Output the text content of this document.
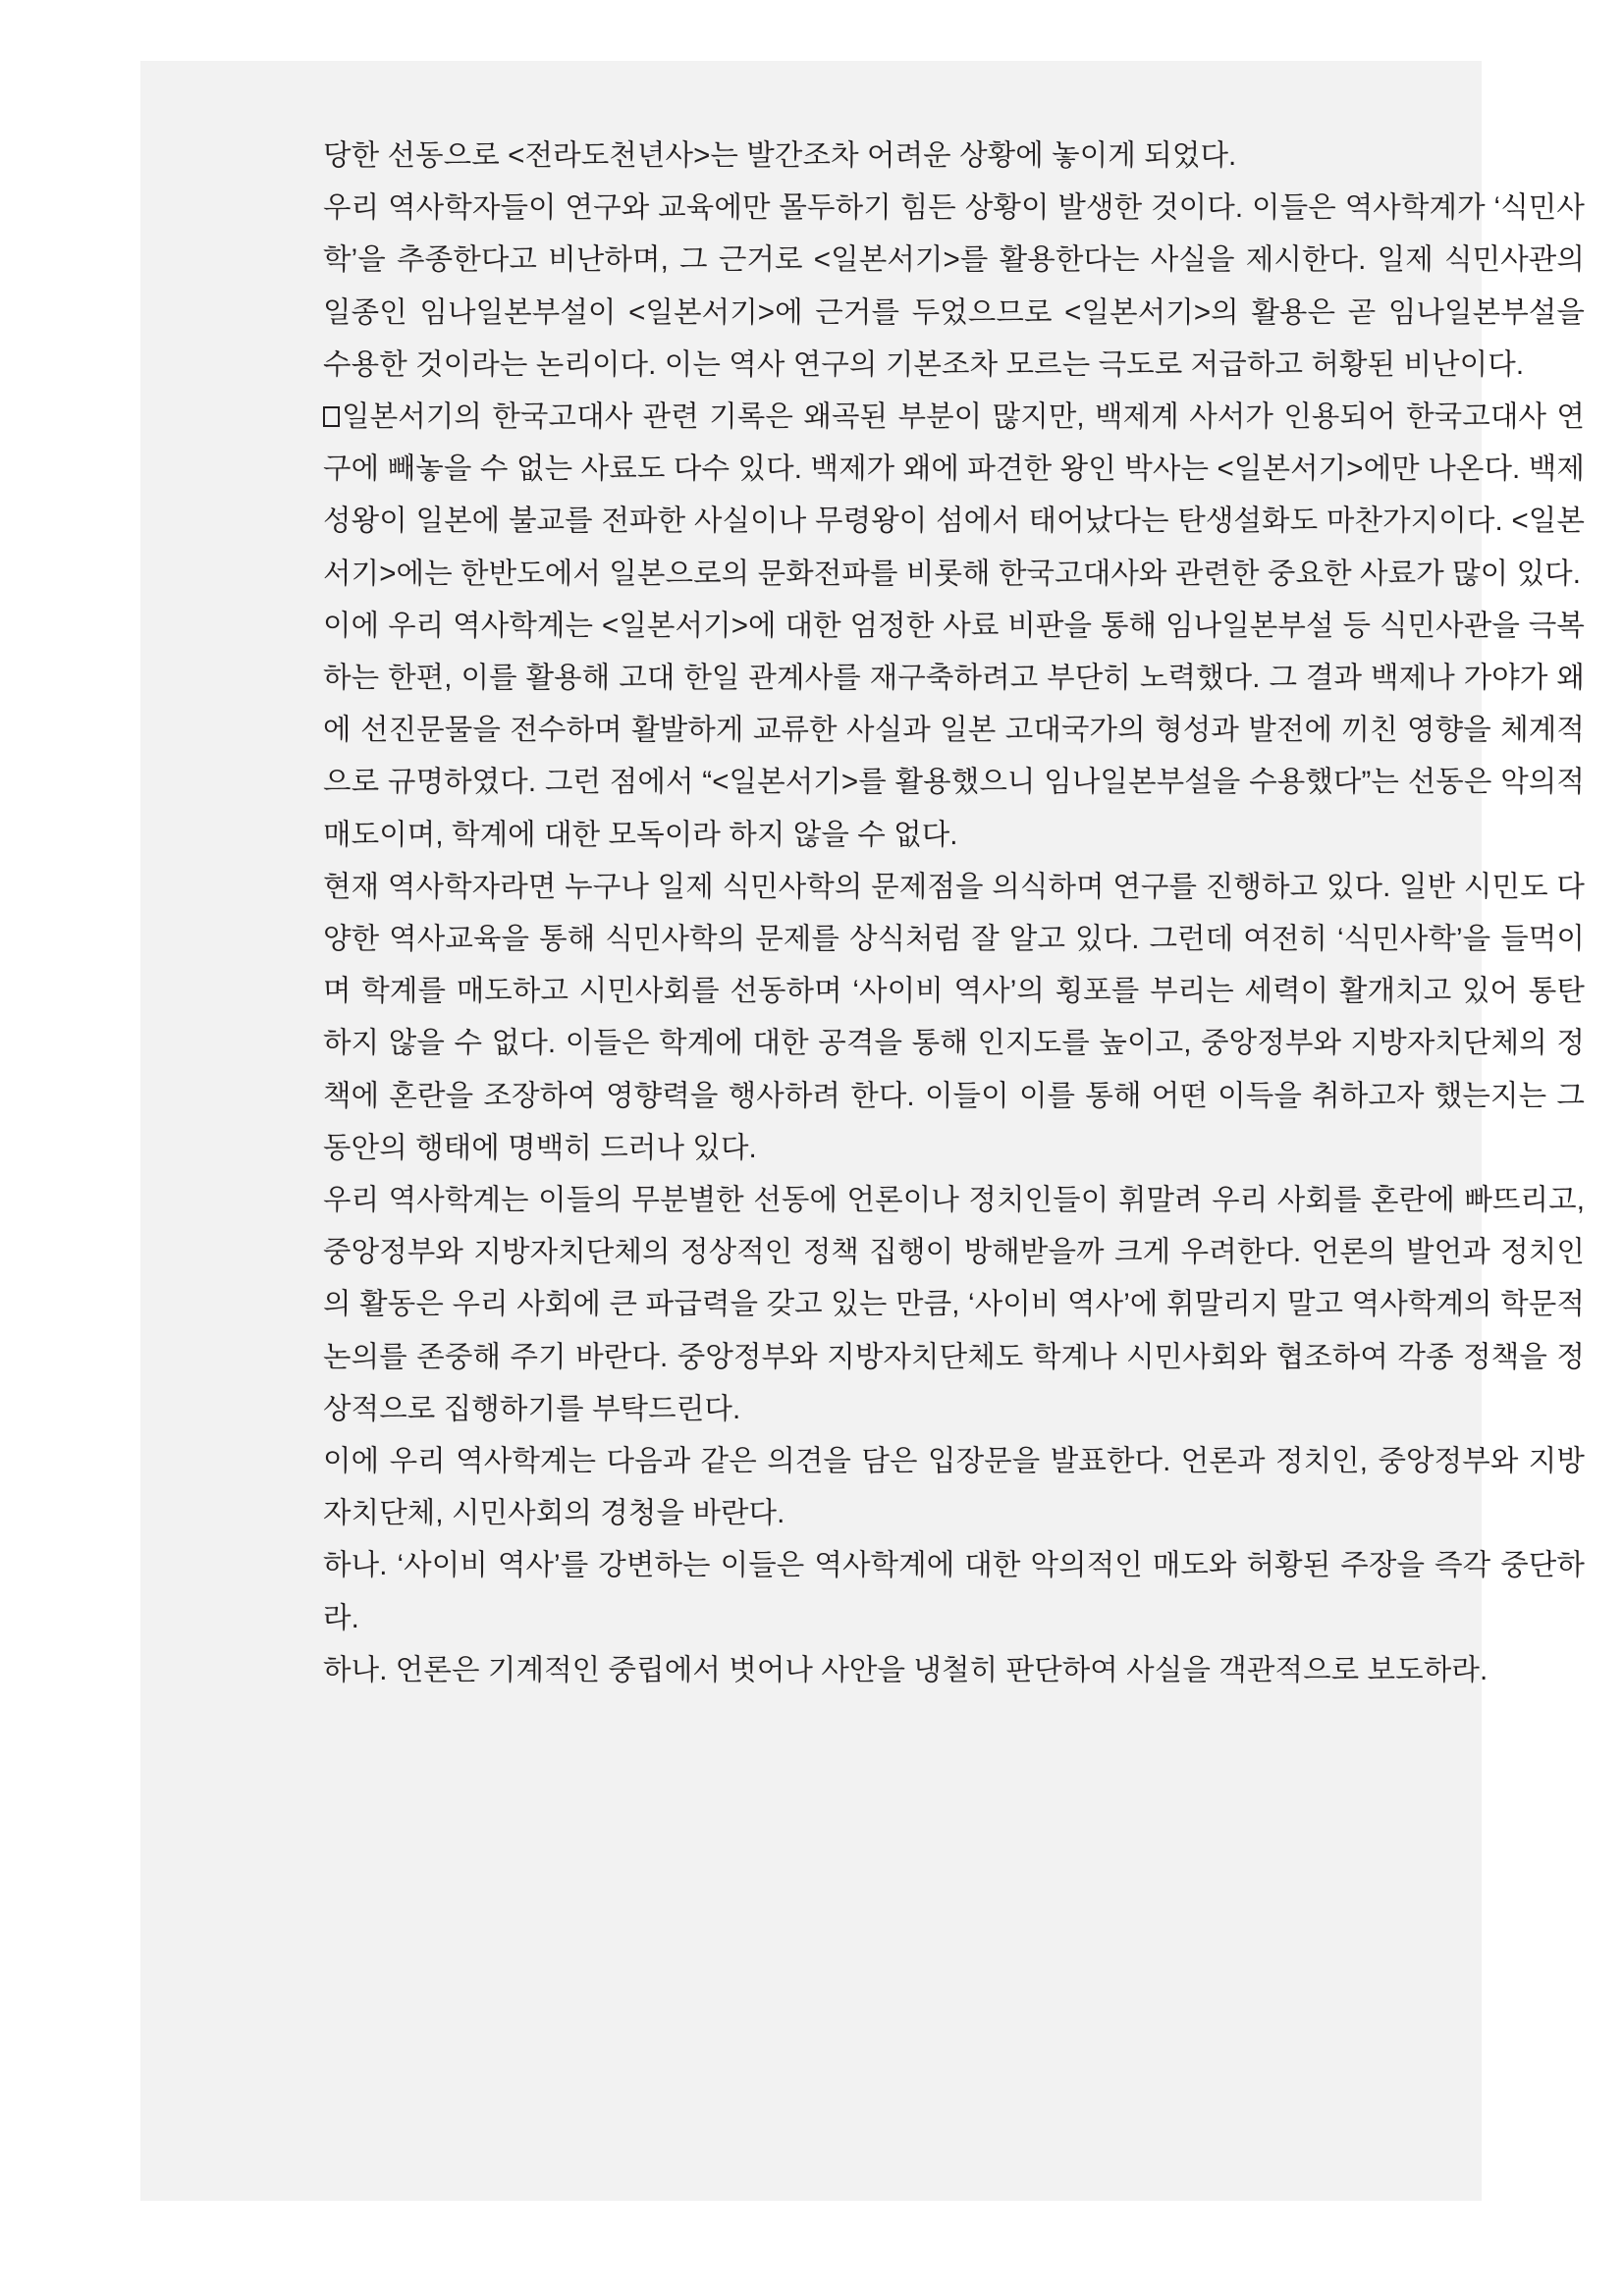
당한 선동으로 <전라도천년사>는 발간조차 어려운 상황에 놓이게 되었다.

우리 역사학자들이 연구와 교육에만 몰두하기 힘든 상황이 발생한 것이다. 이들은 역사학계가 ‘식민사학’을 추종한다고 비난하며, 그 근거로 <일본서기>를 활용한다는 사실을 제시한다. 일제 식민사관의 일종인 임나일본부설이 <일본서기>에 근거를 두었으므로 <일본서기>의 활용은 곧 임나일본부설을 수용한 것이라는 논리이다. 이는 역사 연구의 기본조차 모르는 극도로 저급하고 허황된 비난이다.

일본서기의 한국고대사 관련 기록은 왜곡된 부분이 많지만, 백제계 사서가 인용되어 한국고대사 연구에 빼놓을 수 없는 사료도 다수 있다. 백제가 왜에 파견한 왕인 박사는 <일본서기>에만 나온다. 백제 성왕이 일본에 불교를 전파한 사실이나 무령왕이 섬에서 태어났다는 탄생설화도 마찬가지이다. <일본서기>에는 한반도에서 일본으로의 문화전파를 비롯해 한국고대사와 관련한 중요한 사료가 많이 있다.

이에 우리 역사학계는 <일본서기>에 대한 엄정한 사료 비판을 통해 임나일본부설 등 식민사관을 극복하는 한편, 이를 활용해 고대 한일 관계사를 재구축하려고 부단히 노력했다. 그 결과 백제나 가야가 왜에 선진문물을 전수하며 활발하게 교류한 사실과 일본 고대국가의 형성과 발전에 끼친 영향을 체계적으로 규명하였다. 그런 점에서 “<일본서기>를 활용했으니 임나일본부설을 수용했다”는 선동은 악의적 매도이며, 학계에 대한 모독이라 하지 않을 수 없다.

현재 역사학자라면 누구나 일제 식민사학의 문제점을 의식하며 연구를 진행하고 있다. 일반 시민도 다양한 역사교육을 통해 식민사학의 문제를 상식처럼 잘 알고 있다. 그런데 여전히 ‘식민사학’을 들먹이며 학계를 매도하고 시민사회를 선동하며 ‘사이비 역사’의 횡포를 부리는 세력이 활개치고 있어 통탄하지 않을 수 없다. 이들은 학계에 대한 공격을 통해 인지도를 높이고, 중앙정부와 지방자치단체의 정책에 혼란을 조장하여 영향력을 행사하려 한다. 이들이 이를 통해 어떤 이득을 취하고자 했는지는 그동안의 행태에 명백히 드러나 있다.

우리 역사학계는 이들의 무분별한 선동에 언론이나 정치인들이 휘말려 우리 사회를 혼란에 빠뜨리고, 중앙정부와 지방자치단체의 정상적인 정책 집행이 방해받을까 크게 우려한다. 언론의 발언과 정치인의 활동은 우리 사회에 큰 파급력을 갖고 있는 만큼, ‘사이비 역사’에 휘말리지 말고 역사학계의 학문적 논의를 존중해 주기 바란다. 중앙정부와 지방자치단체도 학계나 시민사회와 협조하여 각종 정책을 정상적으로 집행하기를 부탁드린다.

이에 우리 역사학계는 다음과 같은 의견을 담은 입장문을 발표한다. 언론과 정치인, 중앙정부와 지방자치단체, 시민사회의 경청을 바란다.

하나. ‘사이비 역사’를 강변하는 이들은 역사학계에 대한 악의적인 매도와 허황된 주장을 즉각 중단하라.

하나. 언론은 기계적인 중립에서 벗어나 사안을 냉철히 판단하여 사실을 객관적으로 보도하라.
